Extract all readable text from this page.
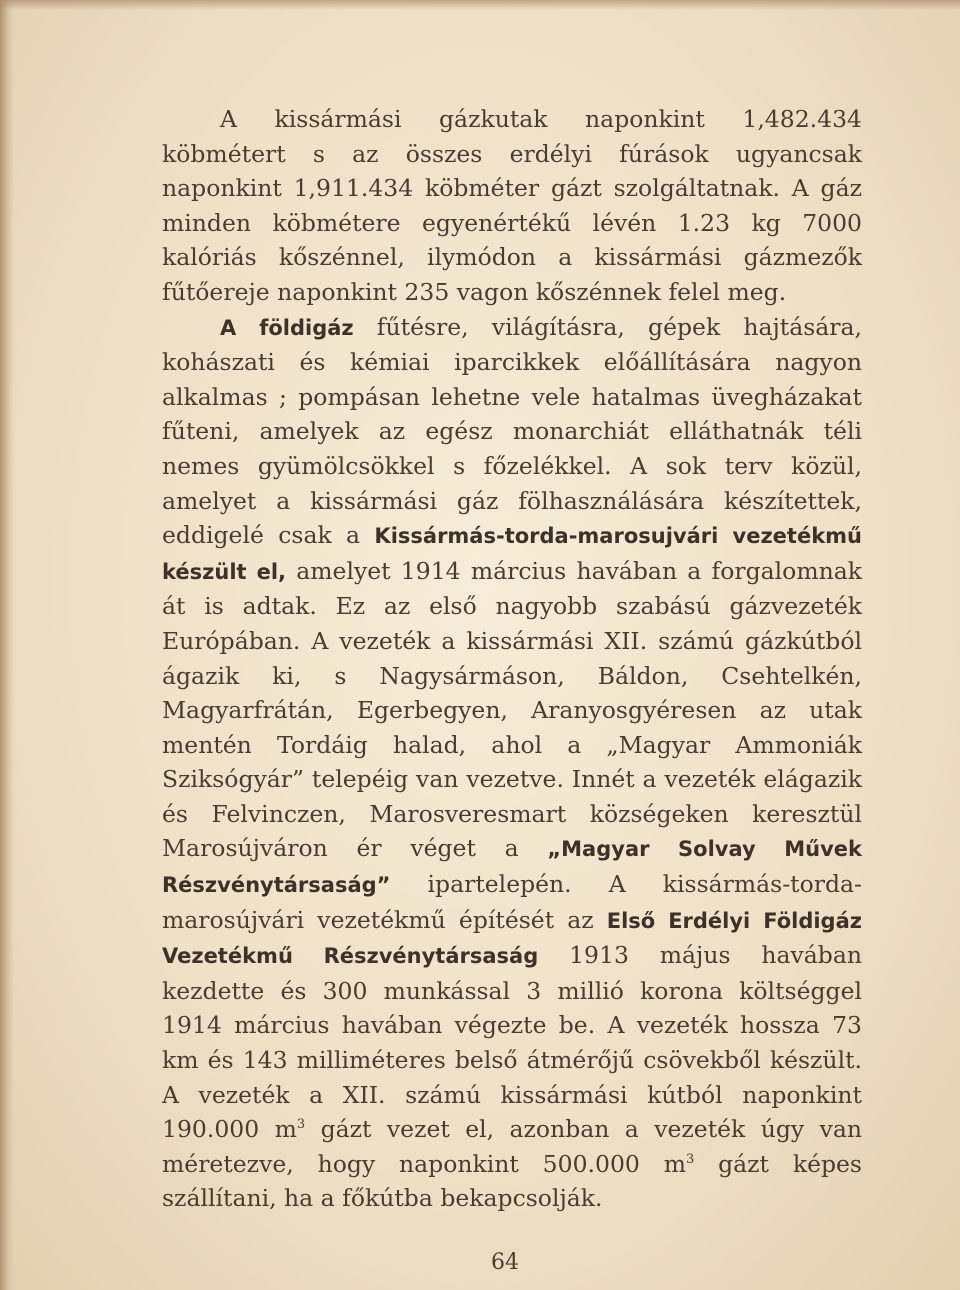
A kissármási gázkutak naponkint 1,482.434 köbmétert s az összes erdélyi fúrások ugyancsak naponkint 1,911.434 köbméter gázt szolgáltatnak. A gáz minden köbmétere egyenértékű lévén 1.23 kg 7000 kalóriás kőszénnel, ilymódon a kissármási gázmezők fűtőereje naponkint 235 vagon kőszénnek felel meg.

A földigáz fűtésre, világításra, gépek hajtására, kohászati és kémiai iparcikkek előállítására nagyon alkalmas ; pompásan lehetne vele hatalmas üvegházakat fűteni, amelyek az egész monarchiát elláthatnák téli nemes gyümölcsökkel s főzelékkel. A sok terv közül, amelyet a kissármási gáz fölhasználására készítettek, eddigelé csak a Kissármás-torda-marosujvári vezetékmű készült el, amelyet 1914 március havában a forgalomnak át is adtak. Ez az első nagyobb szabású gázvezeték Európában. A vezeték a kissármási XII. számú gázkútból ágazik ki, s Nagysármáson, Báldon, Csehtelkén, Magyarfrátán, Egerbegyen, Aranyosgyéresen az utak mentén Tordáig halad, ahol a „Magyar Ammoniák Sziksógyár” telepéig van vezetve. Innét a vezeték elágazik és Felvinczen, Marosveresmart községeken keresztül Marosújváron ér véget a „Magyar Solvay Művek Részvénytársaság” ipartelepén. A kissármás-torda-marosújvári vezetékmű építését az Első Erdélyi Földigáz Vezetékmű Részvénytársaság 1913 május havában kezdette és 300 munkással 3 millió korona költséggel 1914 március havában végezte be. A vezeték hossza 73 km és 143 milliméteres belső átmérőjű csövekből készült. A vezeték a XII. számú kissármási kútból naponkint 190.000 $m^3$ gázt vezet el, azonban a vezeték úgy van méretezve, hogy naponkint 500.000 $m^3$ gázt képes szállítani, ha a főkútba bekapcsolják.

64
